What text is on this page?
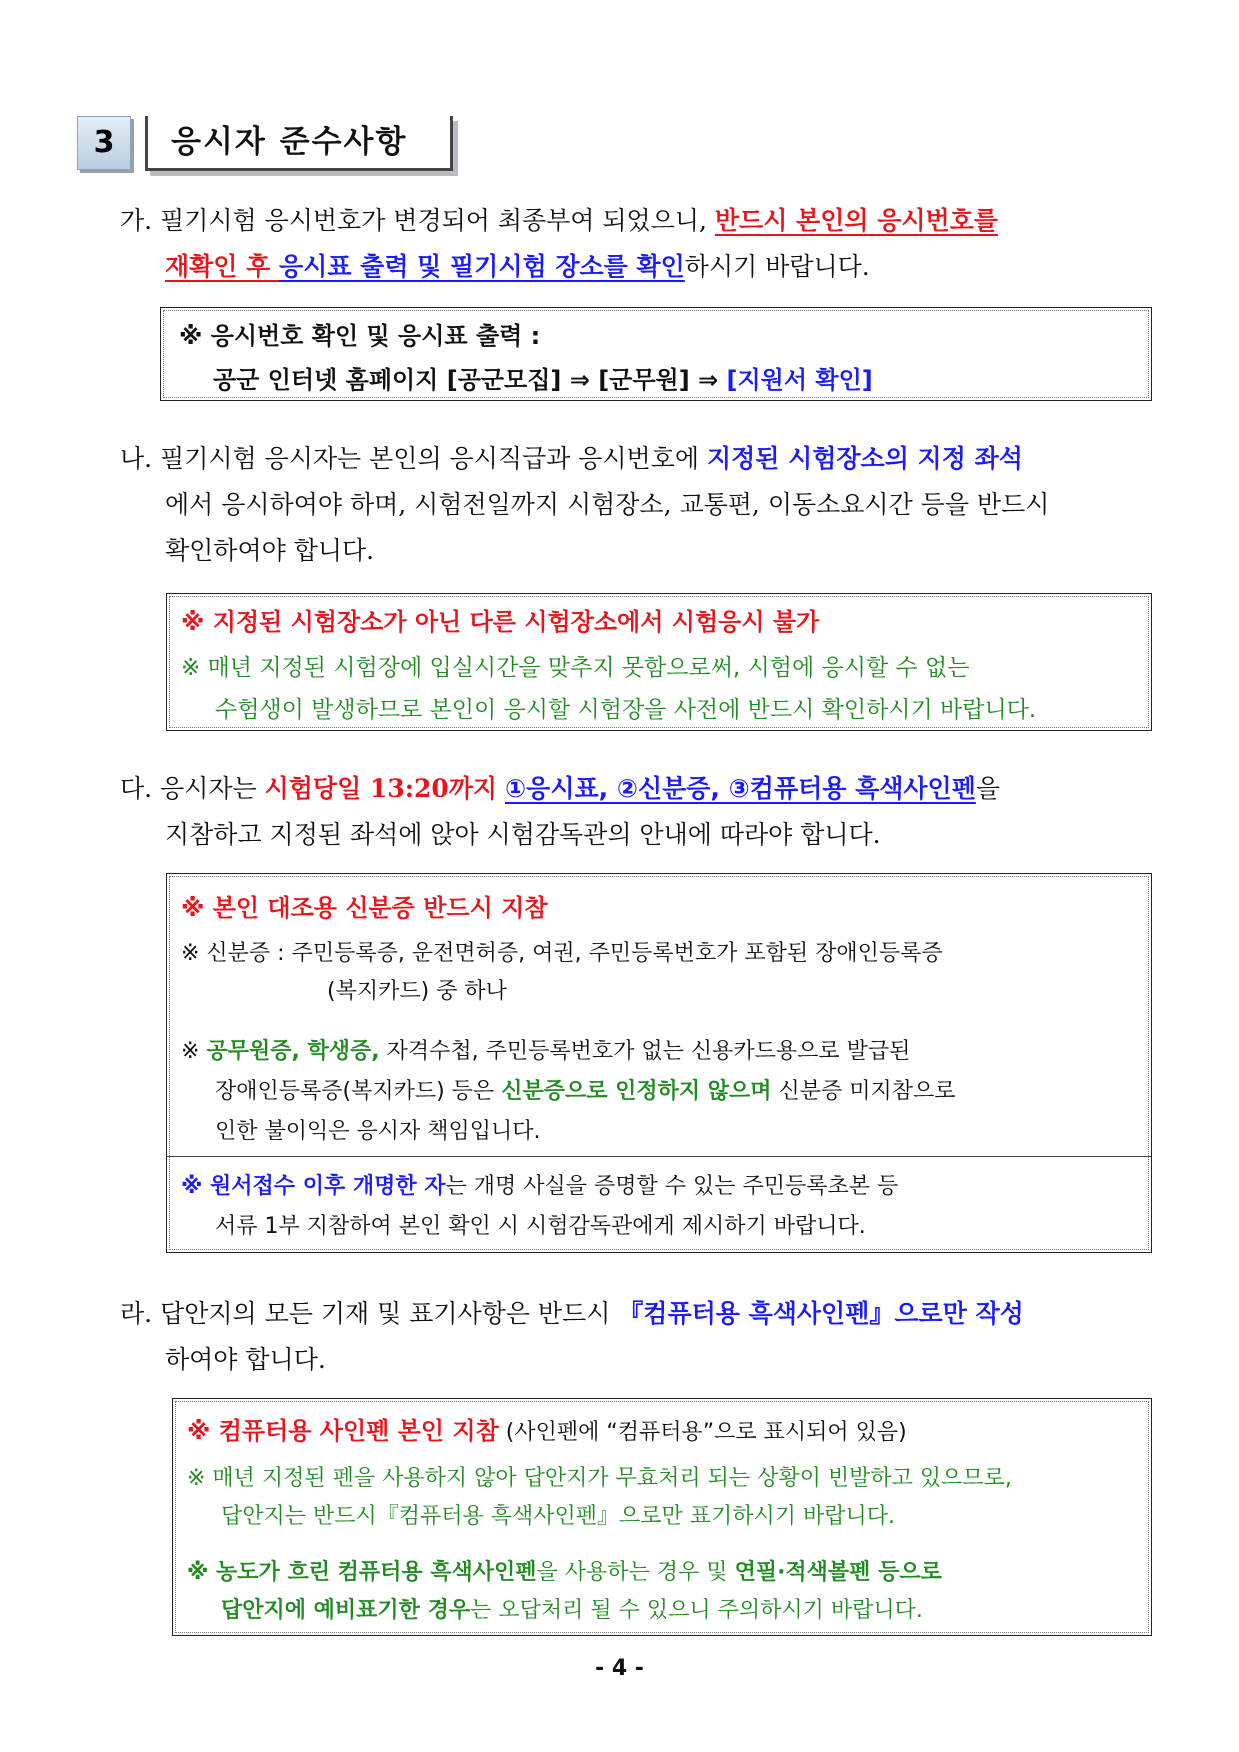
3	응시자 준수사항
가. 필기시험 응시번호가 변경되어 최종부여 되었으니, 반드시 본인의 응시번호를
재확인 후 응시표 출력 및 필기시험 장소를 확인하시기 바랍니다.
※ 응시번호 확인 및 응시표 출력 :
공군 인터넷 홈페이지 [공군모집] ⇒ [군무원] ⇒ [지원서 확인]
나. 필기시험 응시자는 본인의 응시직급과 응시번호에 지정된 시험장소의 지정 좌석
에서 응시하여야 하며, 시험전일까지 시험장소, 교통편, 이동소요시간 등을 반드시
확인하여야 합니다.
※ 지정된 시험장소가 아닌 다른 시험장소에서 시험응시 불가
※ 매년 지정된 시험장에 입실시간을 맞추지 못함으로써, 시험에 응시할 수 없는
수험생이 발생하므로 본인이 응시할 시험장을 사전에 반드시 확인하시기 바랍니다.
다. 응시자는 시험당일 13:20까지 ①응시표, ②신분증, ③컴퓨터용 흑색사인펜을
지참하고 지정된 좌석에 앉아 시험감독관의 안내에 따라야 합니다.
※ 본인 대조용 신분증 반드시 지참
※ 신분증 : 주민등록증, 운전면허증, 여권, 주민등록번호가 포함된 장애인등록증
(복지카드) 중 하나
※ 공무원증, 학생증, 자격수첩, 주민등록번호가 없는 신용카드용으로 발급된
장애인등록증(복지카드) 등은 신분증으로 인정하지 않으며 신분증 미지참으로
인한 불이익은 응시자 책임입니다.
※ 원서접수 이후 개명한 자는 개명 사실을 증명할 수 있는 주민등록초본 등
서류 1부 지참하여 본인 확인 시 시험감독관에게 제시하기 바랍니다.
라. 답안지의 모든 기재 및 표기사항은 반드시 『컴퓨터용 흑색사인펜』으로만 작성
하여야 합니다.
※ 컴퓨터용 사인펜 본인 지참 (사인펜에 “컴퓨터용”으로 표시되어 있음)
※ 매년 지정된 펜을 사용하지 않아 답안지가 무효처리 되는 상황이 빈발하고 있으므로,
답안지는 반드시『컴퓨터용 흑색사인펜』으로만 표기하시기 바랍니다.
※ 농도가 흐린 컴퓨터용 흑색사인펜을 사용하는 경우 및 연필·적색볼펜 등으로
답안지에 예비표기한 경우는 오답처리 될 수 있으니 주의하시기 바랍니다.
- 4 -
